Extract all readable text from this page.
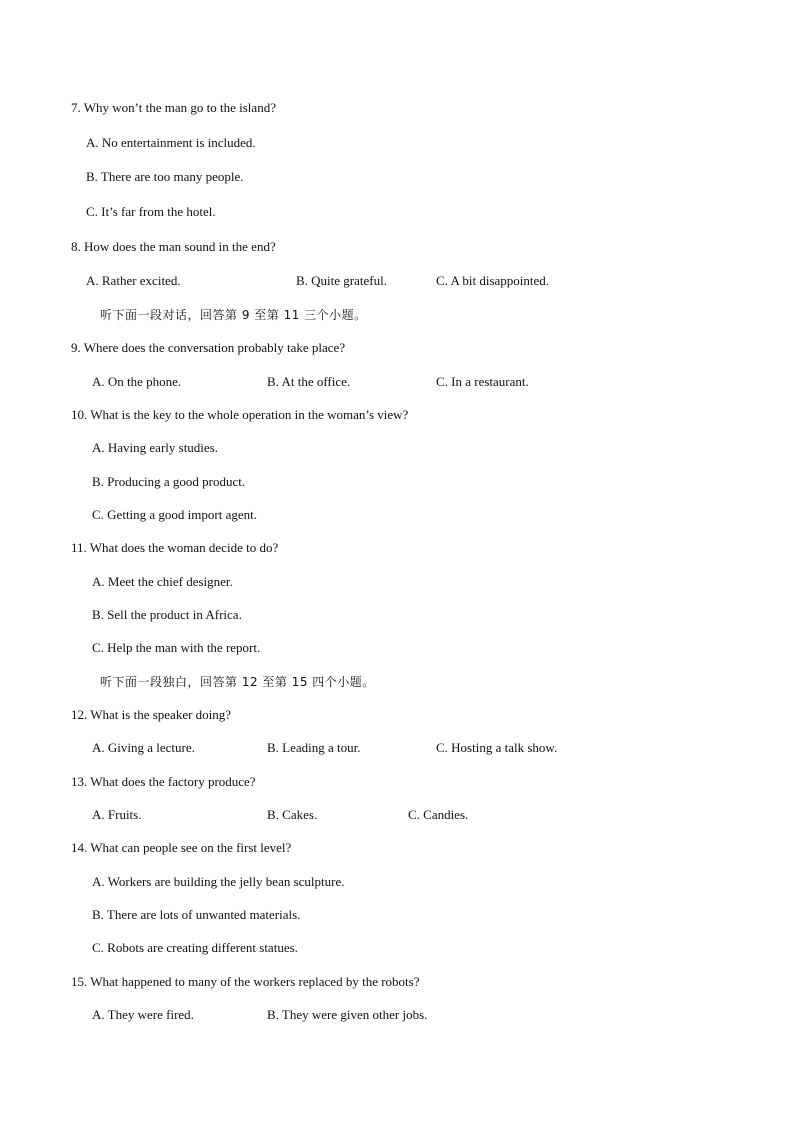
7. Why won’t the man go to the island?
A. No entertainment is included.
B. There are too many people.
C. It’s far from the hotel.
8. How does the man sound in the end?
A. Rather excited.	B. Quite grateful.	C. A bit disappointed.
听下面一段对话，回答第 9 至第 11 三个小题。
9. Where does the conversation probably take place?
A. On the phone.	B. At the office.	C. In a restaurant.
10. What is the key to the whole operation in the woman’s view?
A. Having early studies.
B. Producing a good product.
C. Getting a good import agent.
11. What does the woman decide to do?
A. Meet the chief designer.
B. Sell the product in Africa.
C. Help the man with the report.
听下面一段独白，回答第 12 至第 15 四个小题。
12. What is the speaker doing?
A. Giving a lecture.	B. Leading a tour.	C. Hosting a talk show.
13. What does the factory produce?
A. Fruits.	B. Cakes.	C. Candies.
14. What can people see on the first level?
A. Workers are building the jelly bean sculpture.
B. There are lots of unwanted materials.
C. Robots are creating different statues.
15. What happened to many of the workers replaced by the robots?
A. They were fired.	B. They were given other jobs.
